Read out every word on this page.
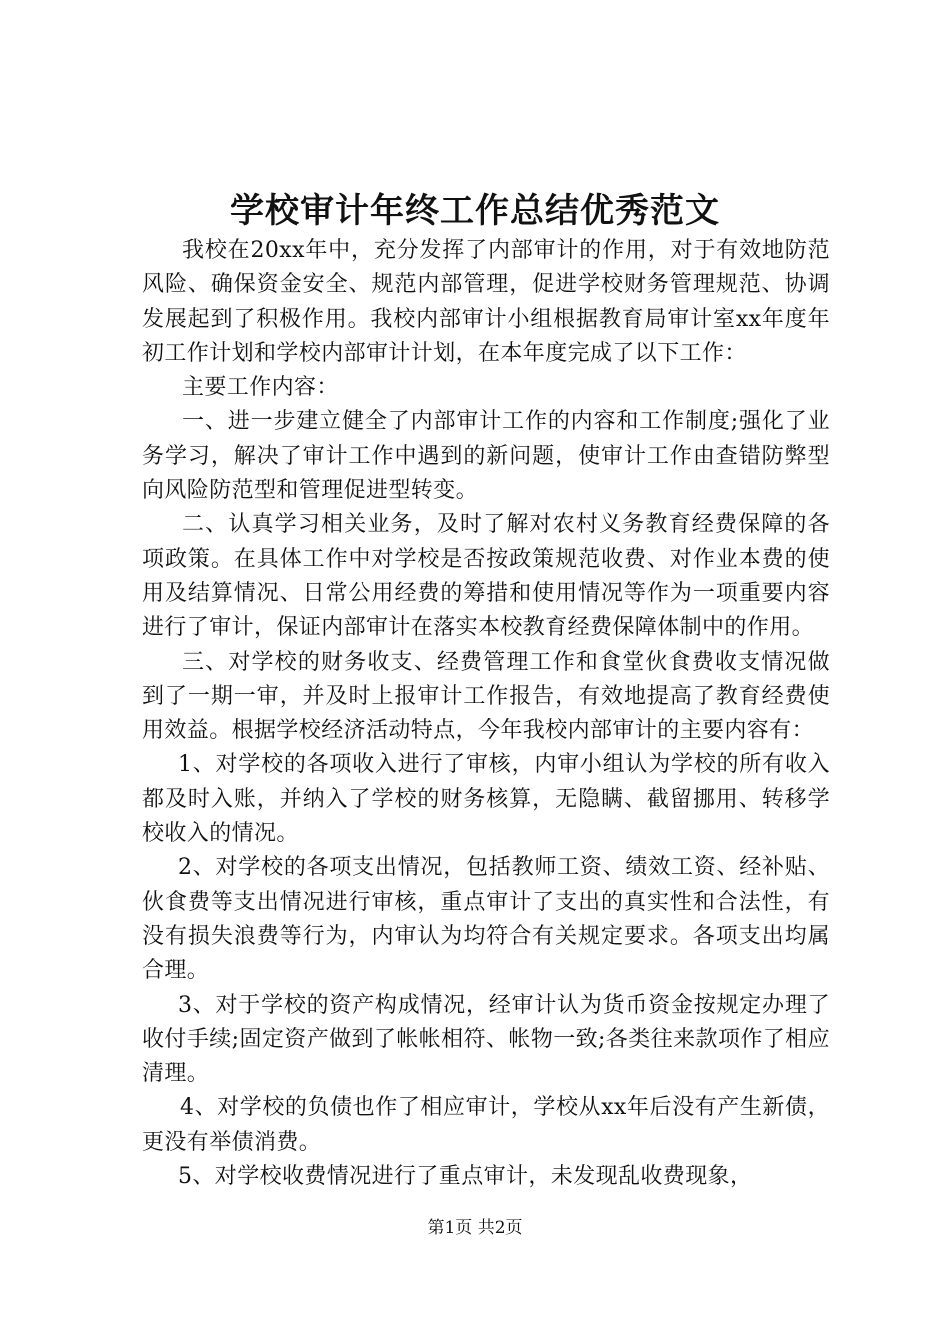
学校审计年终工作总结优秀范文

我校在20xx年中，充分发挥了内部审计的作用，对于有效地防范风险、确保资金安全、规范内部管理，促进学校财务管理规范、协调发展起到了积极作用。我校内部审计小组根据教育局审计室xx年度年初工作计划和学校内部审计计划，在本年度完成了以下工作：

主要工作内容：

一、进一步建立健全了内部审计工作的内容和工作制度;强化了业务学习，解决了审计工作中遇到的新问题，使审计工作由查错防弊型向风险防范型和管理促进型转变。

二、认真学习相关业务，及时了解对农村义务教育经费保障的各项政策。在具体工作中对学校是否按政策规范收费、对作业本费的使用及结算情况、日常公用经费的筹措和使用情况等作为一项重要内容进行了审计，保证内部审计在落实本校教育经费保障体制中的作用。

三、对学校的财务收支、经费管理工作和食堂伙食费收支情况做到了一期一审，并及时上报审计工作报告，有效地提高了教育经费使用效益。根据学校经济活动特点，今年我校内部审计的主要内容有：

1、对学校的各项收入进行了审核，内审小组认为学校的所有收入都及时入账，并纳入了学校的财务核算，无隐瞒、截留挪用、转移学校收入的情况。

2、对学校的各项支出情况，包括教师工资、绩效工资、经补贴、伙食费等支出情况进行审核，重点审计了支出的真实性和合法性，有没有损失浪费等行为，内审认为均符合有关规定要求。各项支出均属合理。

3、对于学校的资产构成情况，经审计认为货币资金按规定办理了收付手续;固定资产做到了帐帐相符、帐物一致;各类往来款项作了相应清理。

4、对学校的负债也作了相应审计，学校从xx年后没有产生新债，更没有举债消费。

5、对学校收费情况进行了重点审计，未发现乱收费现象，

第1页 共2页
